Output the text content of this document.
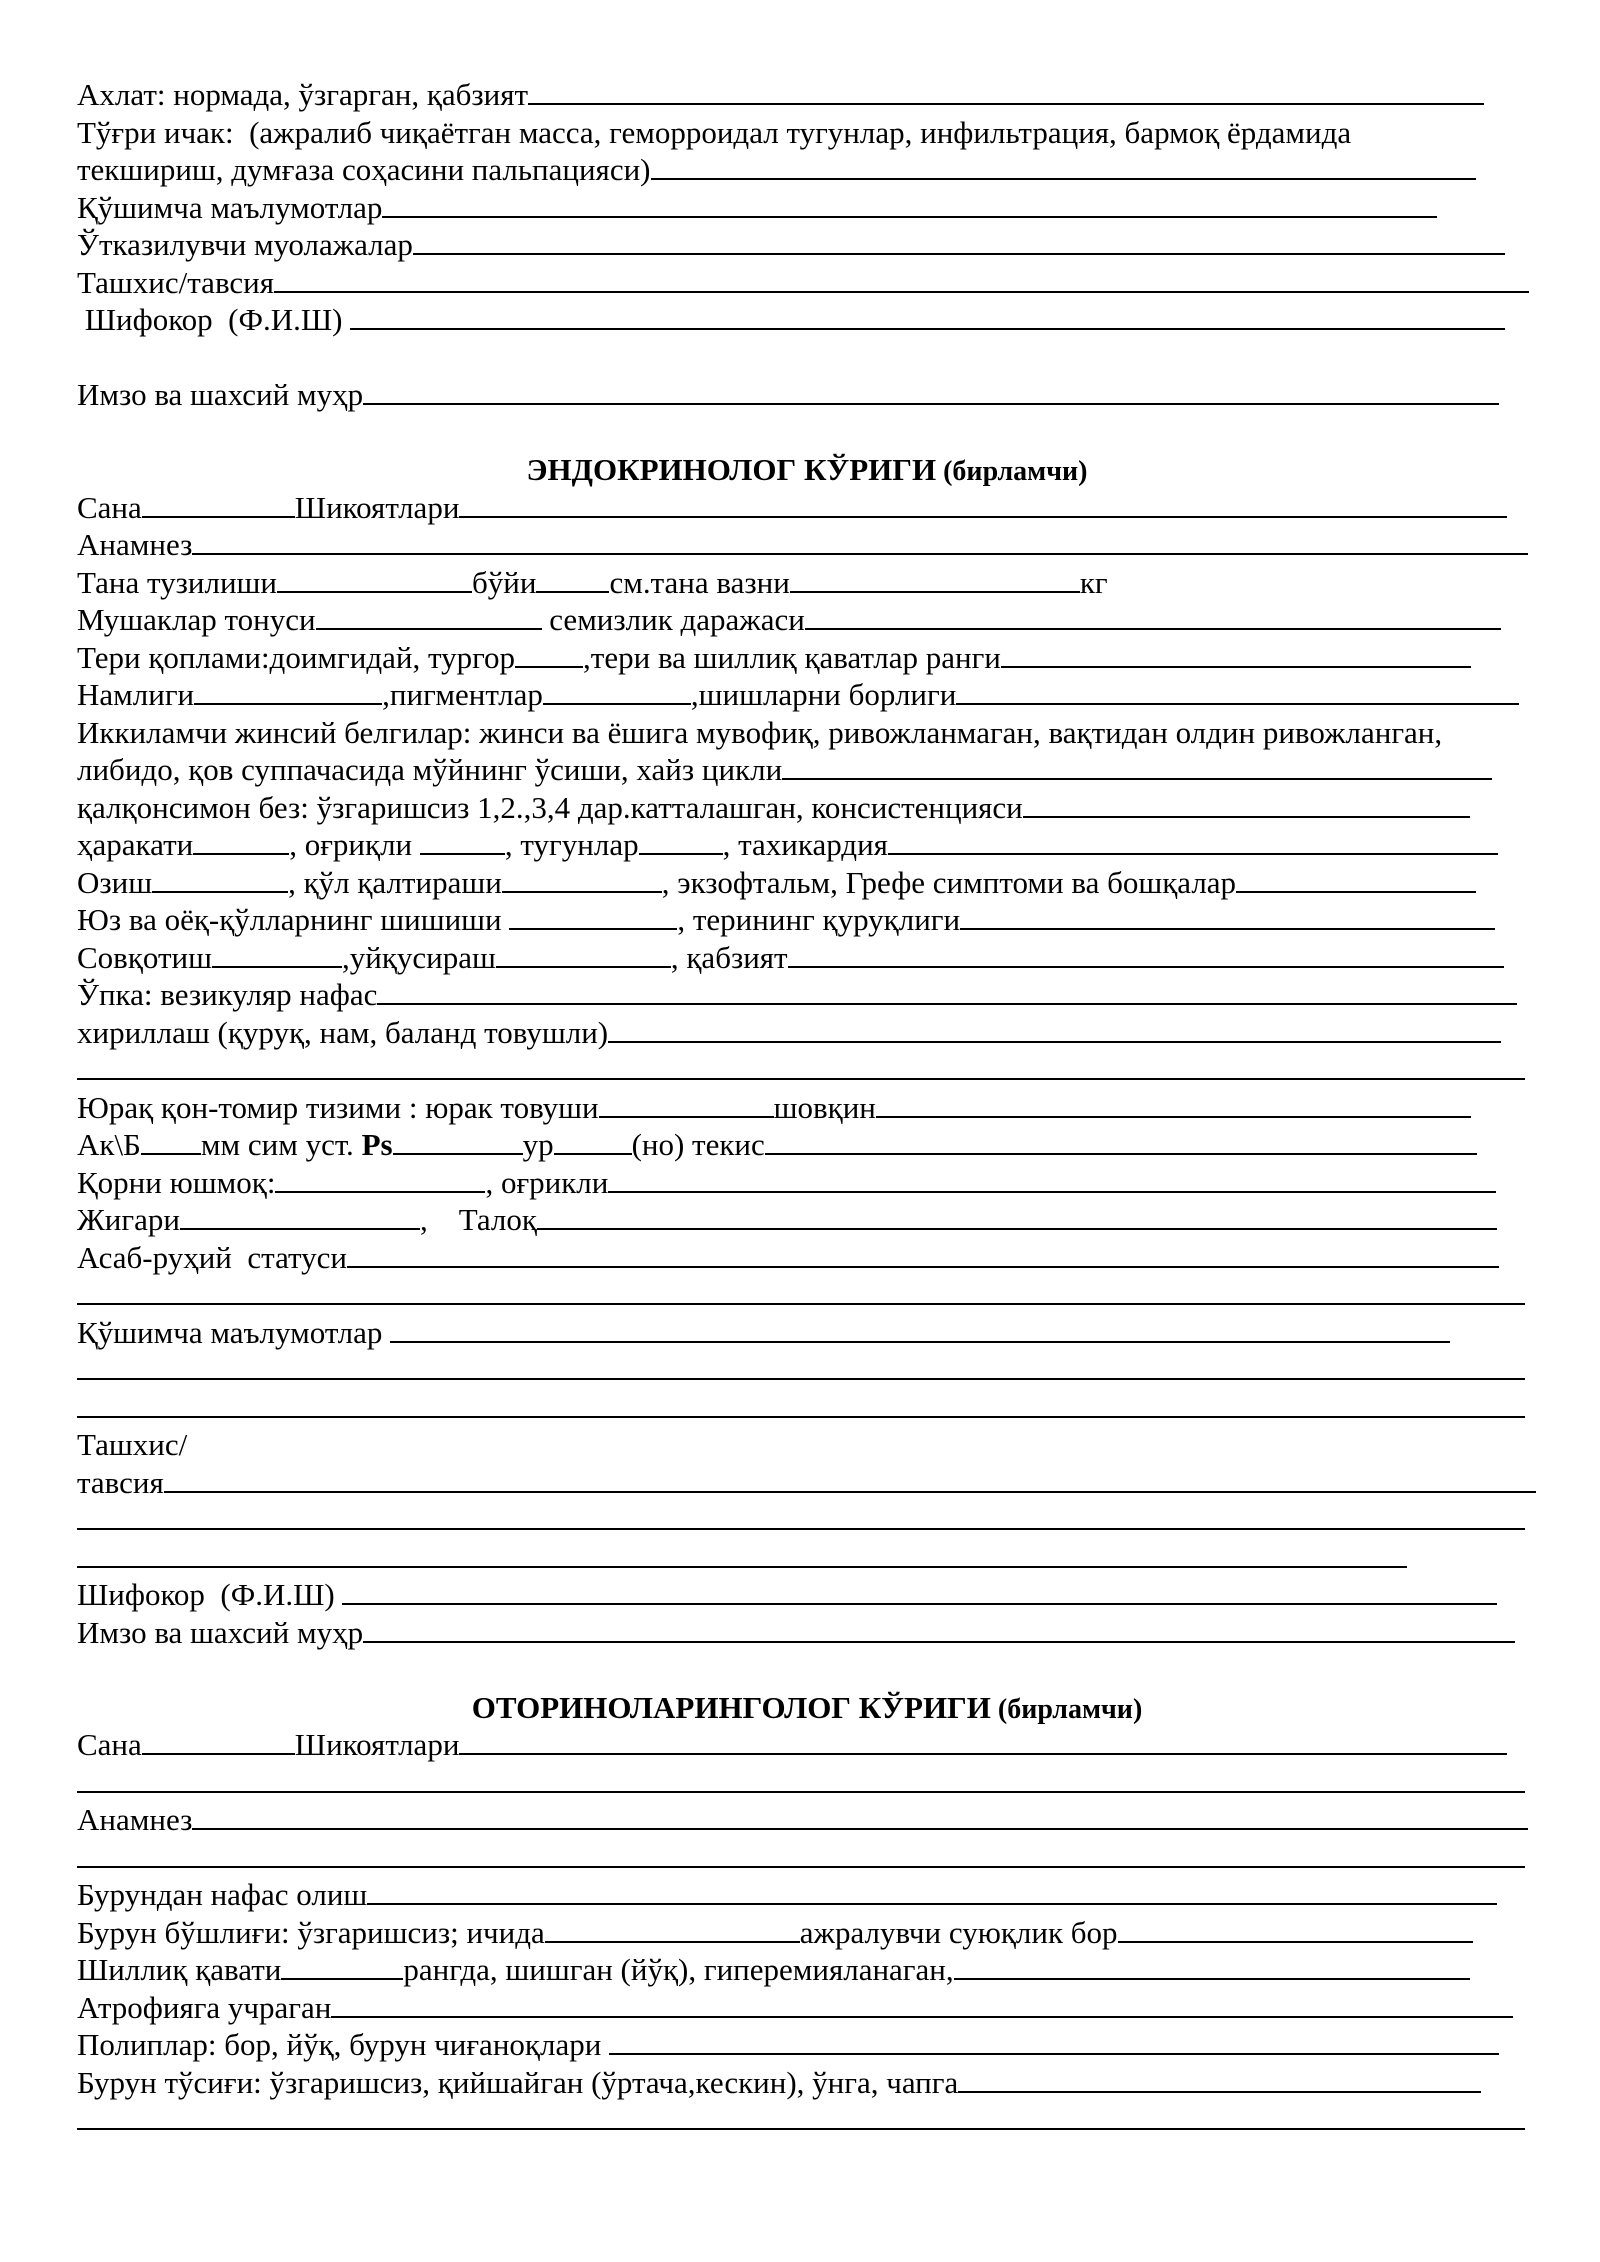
Ахлат: нормада, ўзгарган, қабзият
Тўғри ичак:  (ажралиб чиқаётган масса, геморроидал тугунлар, инфильтрация, бармоқ ёрдамида
текшириш, думғаза соҳасини пальпацияси)
Қўшимча маълумотлар
Ўтказилувчи муолажалар
Ташхис/тавсия
Шифокор  (Ф.И.Ш)
Имзо ва шахсий муҳр
ЭНДОКРИНОЛОГ КЎРИГИ (бирламчи)
Сана	Шикоятлари
Анамнез
Тана тузилиши	бўйи см.тана вазни	кг
Мушаклар тонуси	семизлик даражаси
Тери қоплами:доимгидай, тургор ,тери ва шиллиқ қаватлар ранги
Намлиги	,пигментлар	,шишларни борлиги
Иккиламчи жинсий белгилар: жинси ва ёшига мувофиқ, ривожланмаган, вақтидан олдин ривожланган,
либидо, қов суппачасида мўйнинг ўсиши, хайз цикли
қалқонсимон без: ўзгаришсиз 1,2.,3,4 дар.катталашган, консистенцияси
ҳаракати	, оғриқли	, тугунлар	, тахикардия
Озиш	, қўл қалтираши	, экзофтальм, Грефе симптоми ва бошқалар
Юз ва оёқ-қўлларнинг шишиши	, терининг қуруқлиги
Совқотиш	,уйқусираш	, қабзият
Ўпка: везикуляр нафас
хириллаш (қуруқ, нам, баланд товушли)
Юрақ қон-томир тизими : юрак товуши	шовқин
Ак\Б мм сим уст. Ps	ур	(но) текис
Қорни юшмоқ:	, оғрикли
Жигари	,    Талоқ
Асаб-руҳий  статуси
Қўшимча маълумотлар
Ташхис/
тавсия
Шифокор  (Ф.И.Ш)
Имзо ва шахсий муҳр
ОТОРИНОЛАРИНГОЛОГ КЎРИГИ (бирламчи)
Сана	Шикоятлари
Анамнез
Бурундан нафас олиш
Бурун бўшлиғи: ўзгаришсиз; ичида	ажралувчи суюқлик бор
Шиллиқ қавати	рангда, шишган (йўқ), гиперемияланаган,
Атрофияга учраган
Полиплар: бор, йўқ, бурун чиғаноқлари
Бурун тўсиғи: ўзгаришсиз, қийшайган (ўртача,кескин), ўнга, чапга
